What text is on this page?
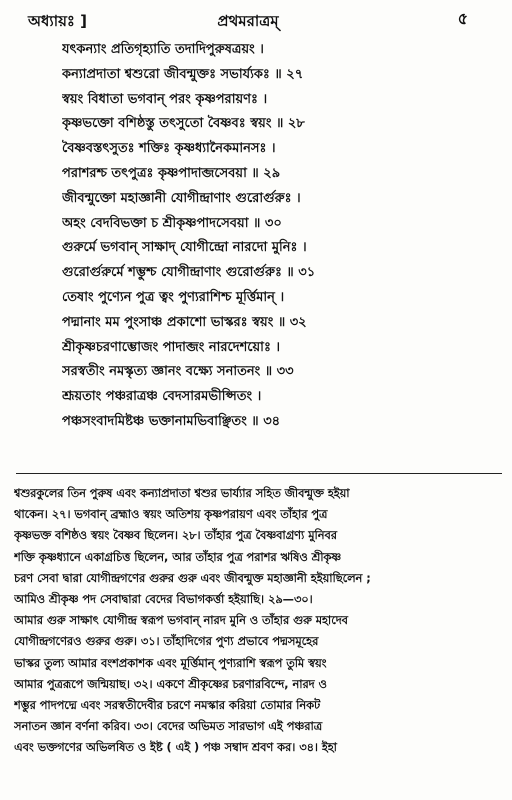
অধ্যায়ঃ ]	প্রথমরাত্রম্‌	৫
যৎকন্যাং প্রতিগৃহ্যাতি তদাদিপুরুষত্রয়ং ।
কন্যাপ্রদাতা শ্বশুরো জীবন্মুক্তঃ সভার্য্যকঃ ॥ ২৭
স্বয়ং বিধাতা ভগবান্‌ পরং কৃষ্ণপরায়ণঃ ।
কৃষ্ণভক্তো বশিষ্ঠস্তু তৎসুতো বৈষ্ণবঃ স্বয়ং ॥ ২৮
বৈষ্ণবস্তৎসুতঃ শক্তিঃ কৃষ্ণধ্যানৈকমানসঃ ।
পরাশরশ্চ তৎপুত্রঃ কৃষ্ণপাদাব্জসেবয়া ॥ ২৯
জীবন্মুক্তো মহাজ্ঞানী যোগীন্দ্রাণাং গুরোর্গুরুঃ ।
অহং বেদবিভক্তা চ শ্রীকৃষ্ণপাদসেবয়া ॥ ৩০
গুরুর্মে ভগবান্‌ সাক্ষাদ্‌ যোগীন্দ্রো নারদো মুনিঃ ।
গুরোর্গুরুর্মে শম্ভুশ্চ যোগীন্দ্রাণাং গুরোর্গুরুঃ ॥ ৩১
তেষাং পুণ্যেন পুত্র ত্বং পুণ্যরাশিশ্চ মূর্ত্তিমান্‌ ।
পদ্মানাং মম পুংসাঞ্চ প্রকাশো ভাস্করঃ স্বয়ং ॥ ৩২
শ্রীকৃষ্ণচরণাম্ভোজং পাদাব্জং নারদেশয়োঃ ।
সরস্বতীং নমস্কৃত্য জ্ঞানং বক্ষ্যে সনাতনং ॥ ৩৩
শ্রূয়তাং পঞ্চরাত্রঞ্চ বেদসারমভীপ্সিতং ।
পঞ্চসংবাদমিষ্টঞ্চ ভক্তানামভিবাঞ্ছিতং ॥ ৩৪
শ্বশুরকুলের তিন পুরুষ এবং কন্যাপ্রদাতা শ্বশুর ভার্য্যার সহিত জীবন্মুক্ত হইয়া
থাকেন। ২৭। ভগবান্‌ ব্রহ্মাও স্বয়ং অতিশয় কৃষ্ণপরায়ণ এবং তাঁহার পুত্র
কৃষ্ণভক্ত বশিষ্ঠও স্বয়ং বৈষ্ণব ছিলেন। ২৮। তাঁহার পুত্র বৈষ্ণবাগ্রণ্য মুনিবর
শক্তি কৃষ্ণধ্যানে একাগ্রচিত্ত ছিলেন, আর তাঁহার পুত্র পরাশর ঋষিও শ্রীকৃষ্ণ
চরণ সেবা দ্বারা যোগীন্দ্রগণের গুরুর গুরু এবং জীবন্মুক্ত মহাজ্ঞানী হইয়াছিলেন ;
আমিও শ্রীকৃষ্ণ পদ সেবাদ্বারা বেদের বিভাগকর্ত্তা হইয়াছি। ২৯—৩০।
আমার গুরু সাক্ষাৎ যোগীন্দ্র স্বরূপ ভগবান্‌ নারদ মুনি ও তাঁহার গুরু মহাদেব
যোগীন্দ্রগণেরও গুরুর গুরু। ৩১। তাঁহাদিগের পুণ্য প্রভাবে পদ্মসমূহের
ভাস্কর তুল্য আমার বংশপ্রকাশক এবং মূর্ত্তিমান্‌ পুণ্যরাশি স্বরূপ তুমি স্বয়ং
আমার পুত্ররূপে জন্মিয়াছ। ৩২। একণে শ্রীকৃষ্ণের চরণারবিন্দে, নারদ ও
শম্ভুর পাদপদ্মে এবং সরস্বতীদেবীর চরণে নমস্কার করিয়া তোমার নিকট
সনাতন জ্ঞান বর্ণনা করিব। ৩৩। বেদের অভিমত সারভাগ এই পঞ্চরাত্র
এবং ভক্তগণের অভিলষিত ও ইষ্ট ( এই ) পঞ্চ সম্বাদ শ্রবণ কর। ৩৪। ইহা
